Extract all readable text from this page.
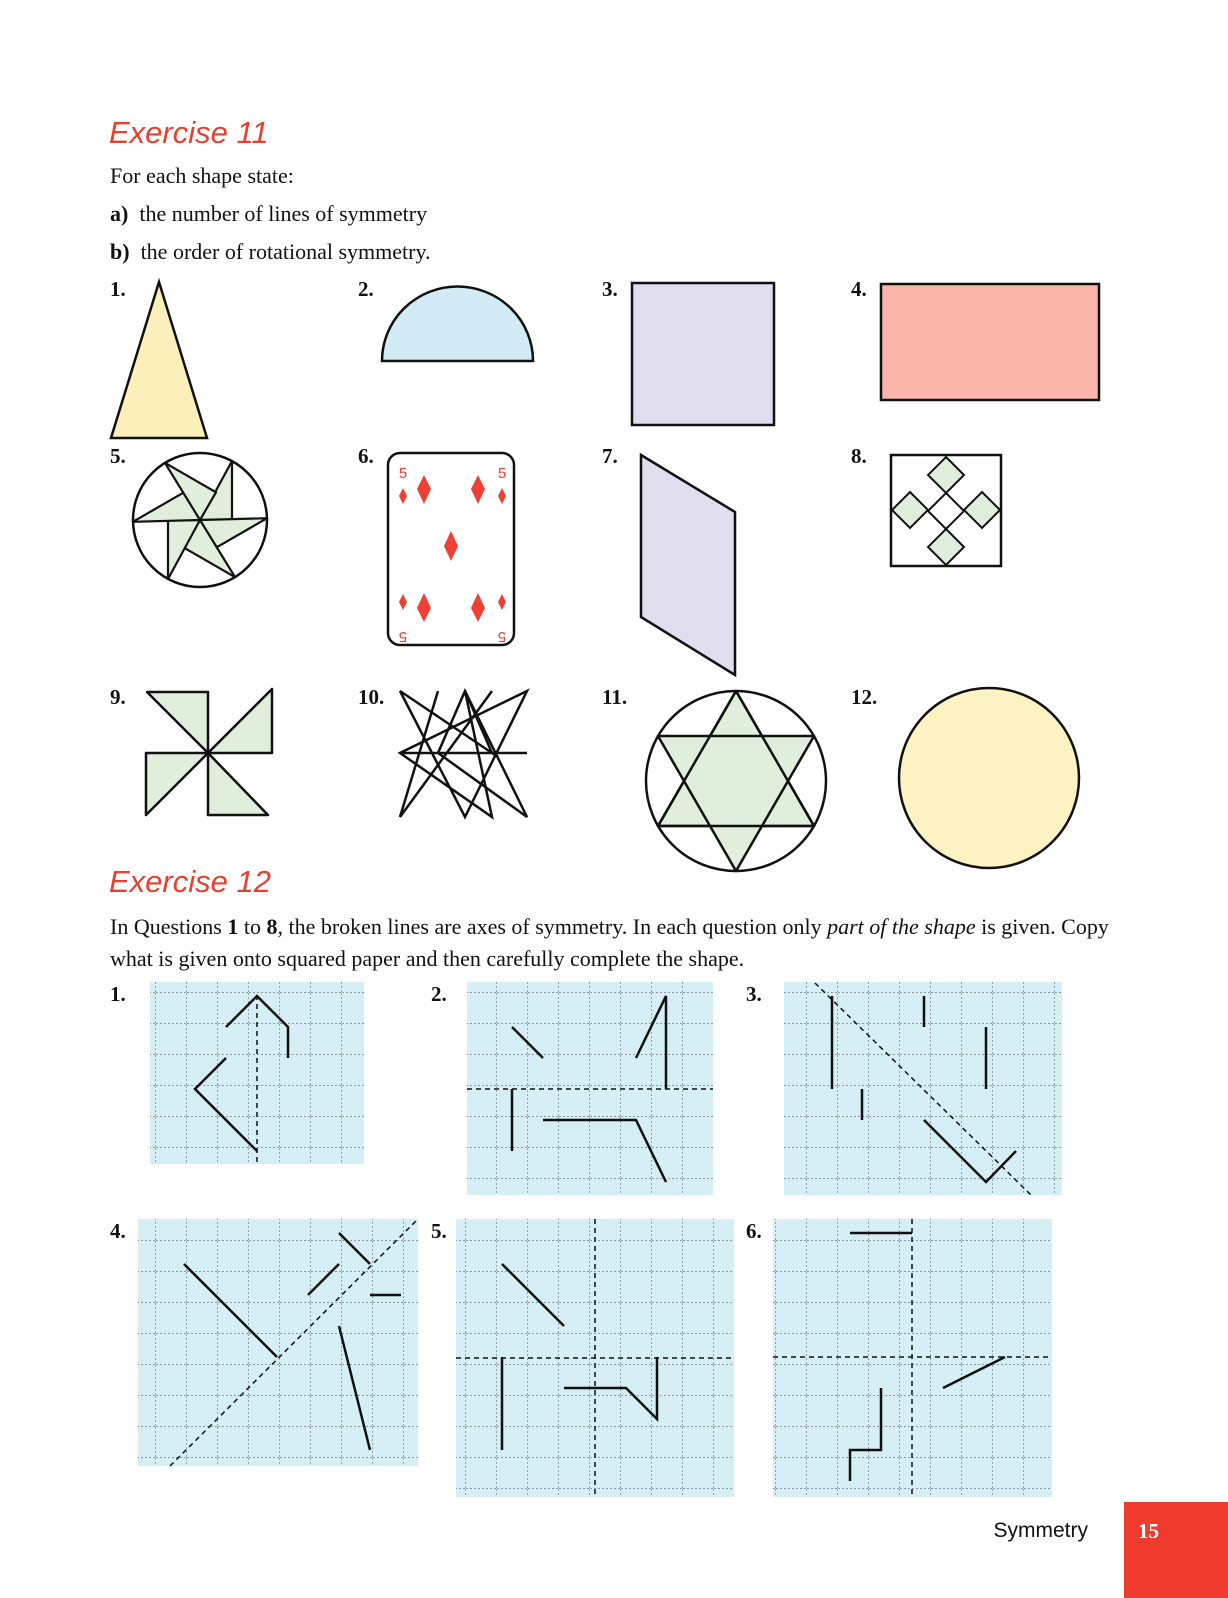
Exercise 11

For each shape state:

a) the number of lines of symmetry
b) the order of rotational symmetry.
1.	2.	3.	4.
5.	6.	7.	8.
9.	10.	11.	12.
5	5
5	5
Exercise 12

In Questions 1 to 8, the broken lines are axes of symmetry. In each question only part of the shape is given. Copy what is given onto squared paper and then carefully complete the shape.

1.	2.	3.
4.	5.	6.
Symmetry 15
